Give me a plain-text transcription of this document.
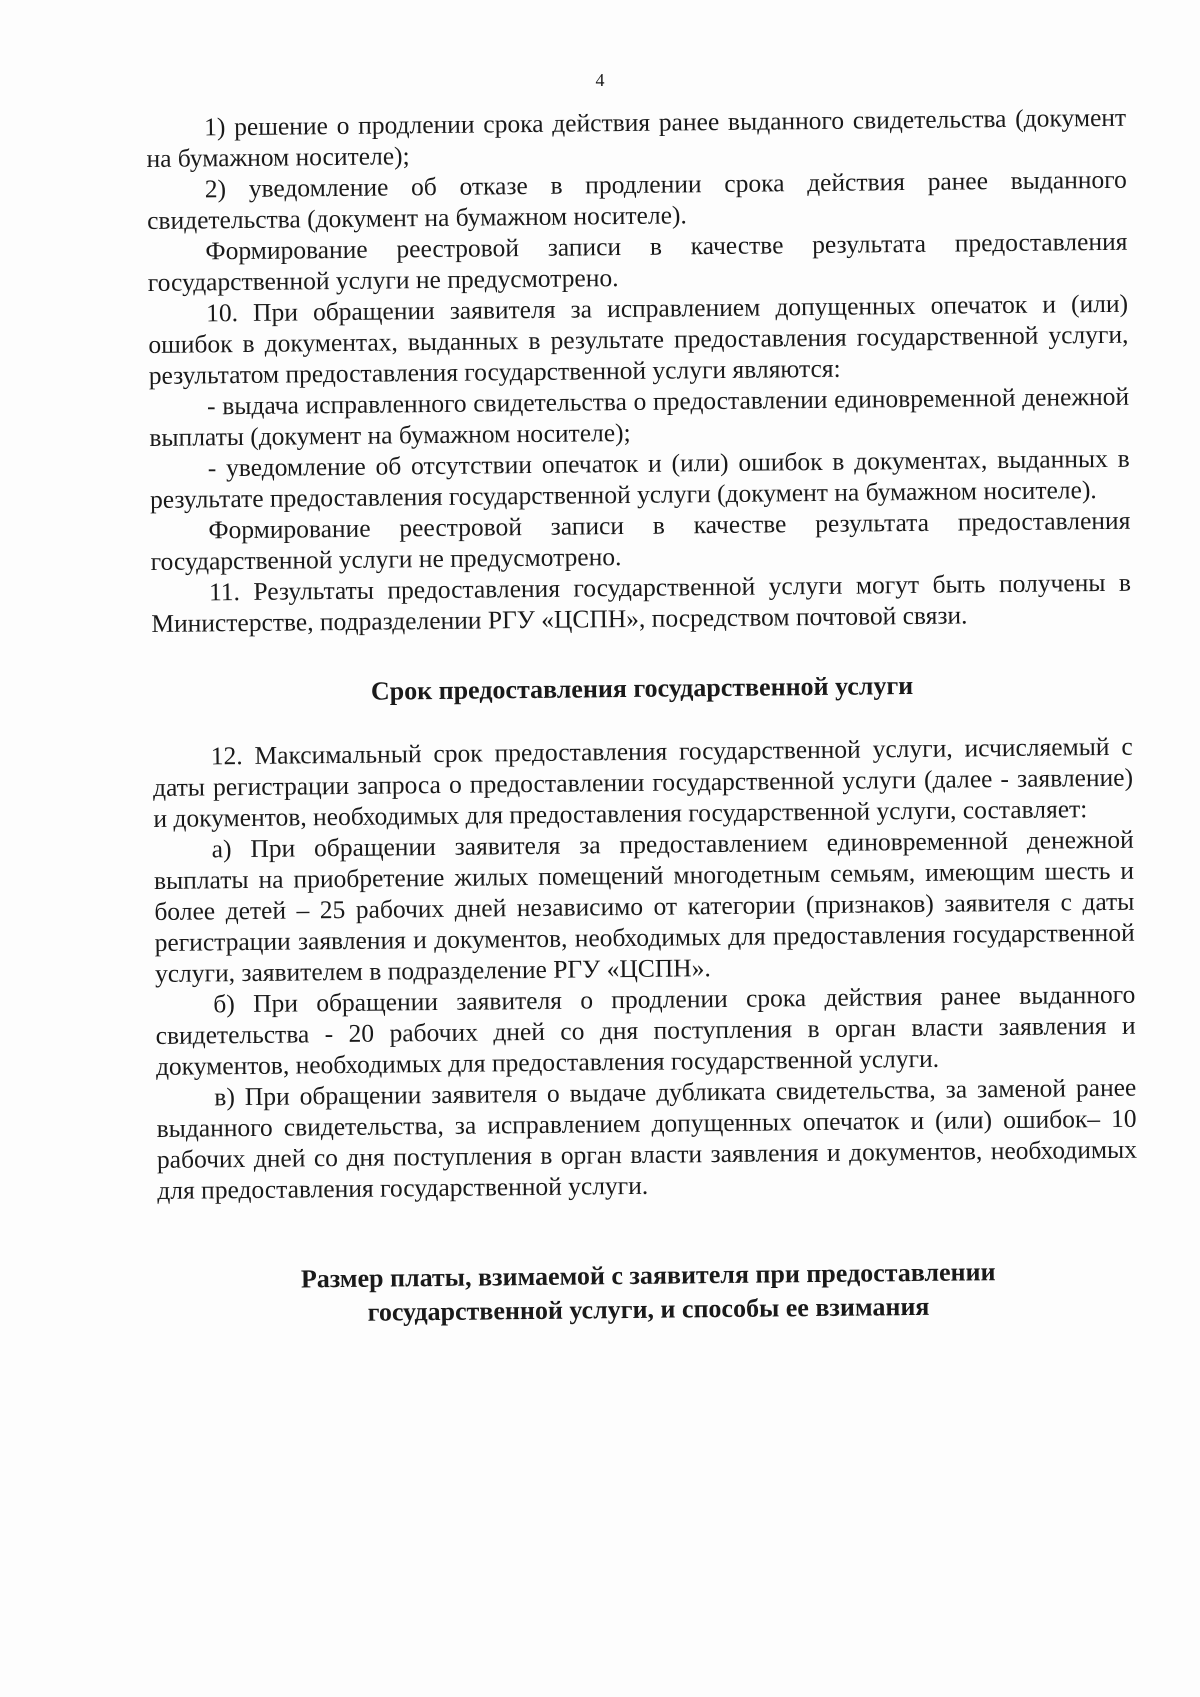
4

1) решение о продлении срока действия ранее выданного свидетельства (документ на бумажном носителе);

2) уведомление об отказе в продлении срока действия ранее выданного свидетельства (документ на бумажном носителе).

Формирование реестровой записи в качестве результата предоставления государственной услуги не предусмотрено.

10. При обращении заявителя за исправлением допущенных опечаток и (или) ошибок в документах, выданных в результате предоставления государственной услуги, результатом предоставления государственной услуги являются:

- выдача исправленного свидетельства о предоставлении единовременной денежной выплаты (документ на бумажном носителе);

- уведомление об отсутствии опечаток и (или) ошибок в документах, выданных в результате предоставления государственной услуги (документ на бумажном носителе).

Формирование реестровой записи в качестве результата предоставления государственной услуги не предусмотрено.

11. Результаты предоставления государственной услуги могут быть получены в Министерстве, подразделении РГУ «ЦСПН», посредством почтовой связи.

Срок предоставления государственной услуги

12. Максимальный срок предоставления государственной услуги, исчисляемый с даты регистрации запроса о предоставлении государственной услуги (далее - заявление) и документов, необходимых для предоставления государственной услуги, составляет:

а) При обращении заявителя за предоставлением единовременной денежной выплаты на приобретение жилых помещений многодетным семьям, имеющим шесть и более детей – 25 рабочих дней независимо от категории (признаков) заявителя с даты регистрации заявления и документов, необходимых для предоставления государственной услуги, заявителем в подразделение РГУ «ЦСПН».

б) При обращении заявителя о продлении срока действия ранее выданного свидетельства - 20 рабочих дней со дня поступления в орган власти заявления и документов, необходимых для предоставления государственной услуги.

в) При обращении заявителя о выдаче дубликата свидетельства, за заменой ранее выданного свидетельства, за исправлением допущенных опечаток и (или) ошибок– 10 рабочих дней со дня поступления в орган власти заявления и документов, необходимых для предоставления государственной услуги.

Размер платы, взимаемой с заявителя при предоставлении
государственной услуги, и способы ее взимания
